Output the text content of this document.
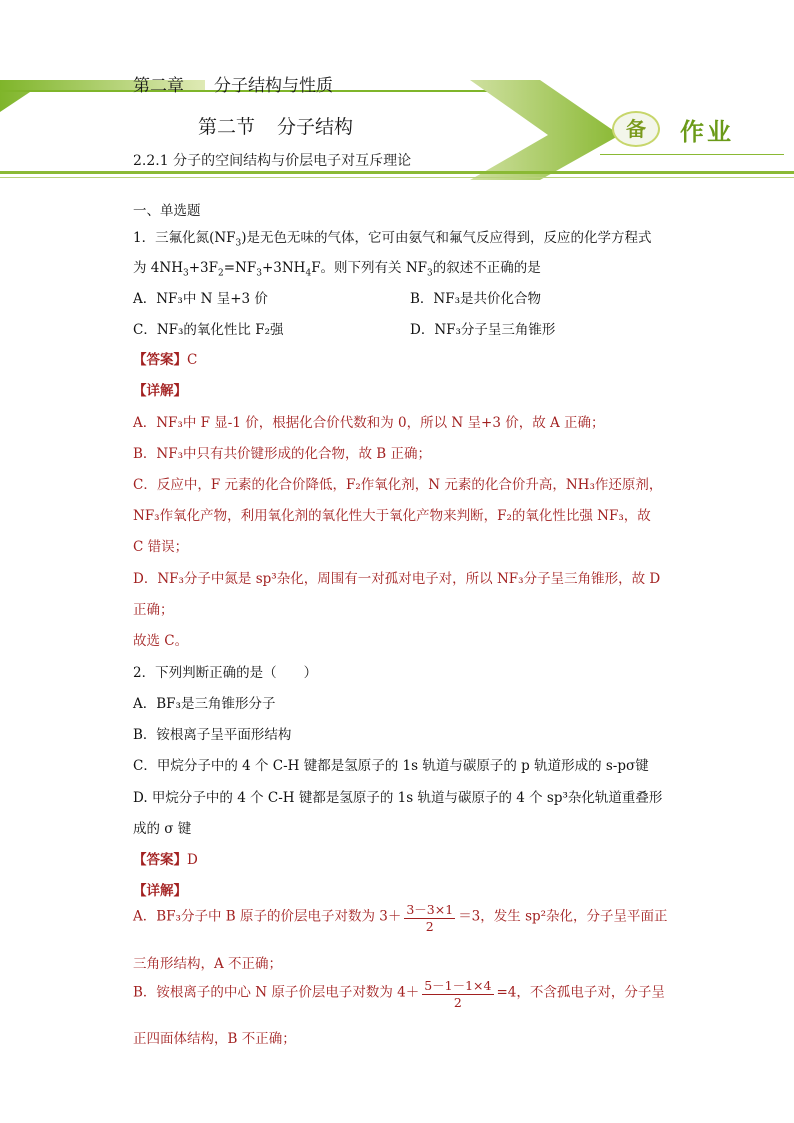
第二章 分子结构与性质
第二节 分子结构
2.2.1 分子的空间结构与价层电子对互斥理论
备	作业
一、单选题
1．三氟化氮$(NF_3)$是无色无味的气体，它可由氨气和氟气反应得到，反应的化学方程式
为 $4NH_3+3F_2=NF_3+3NH_4F$。则下列有关 $NF_3$的叙述不正确的是
A．NF₃中 N 呈+3 价	B．NF₃是共价化合物
C．NF₃的氧化性比 F₂强	D．NF₃分子呈三角锥形
【答案】C
【详解】
A．NF₃中 F 显-1 价，根据化合价代数和为 0，所以 N 呈+3 价，故 A 正确；
B．NF₃中只有共价键形成的化合物，故 B 正确；
C．反应中，F 元素的化合价降低，F₂作氧化剂，N 元素的化合价升高，NH₃作还原剂，
NF₃作氧化产物，利用氧化剂的氧化性大于氧化产物来判断，F₂的氧化性比强 NF₃，故
C 错误；
D．NF₃分子中氮是 sp³杂化，周围有一对孤对电子对，所以 NF₃分子呈三角锥形，故 D
正确；
故选 C。
2．下列判断正确的是（　　）
A．BF₃是三角锥形分子
B．铵根离子呈平面形结构
C．甲烷分子中的 4 个 C-H 键都是氢原子的 1s 轨道与碳原子的 p 轨道形成的 s-pσ键
D. 甲烷分子中的 4 个 C-H 键都是氢原子的 1s 轨道与碳原子的 4 个 sp³杂化轨道重叠形
成的 σ 键
【答案】D
【详解】
A．BF₃分子中 B 原子的价层电子对数为 $3+ \frac{3-3\times 1}{2} =3$，发生 sp²杂化，分子呈平面正
三角形结构，A 不正确；
B．铵根离子的中心 N 原子价层电子对数为 $4+ \frac{5-1-1\times 4}{2} =4$，不含孤电子对，分子呈
正四面体结构，B 不正确；
